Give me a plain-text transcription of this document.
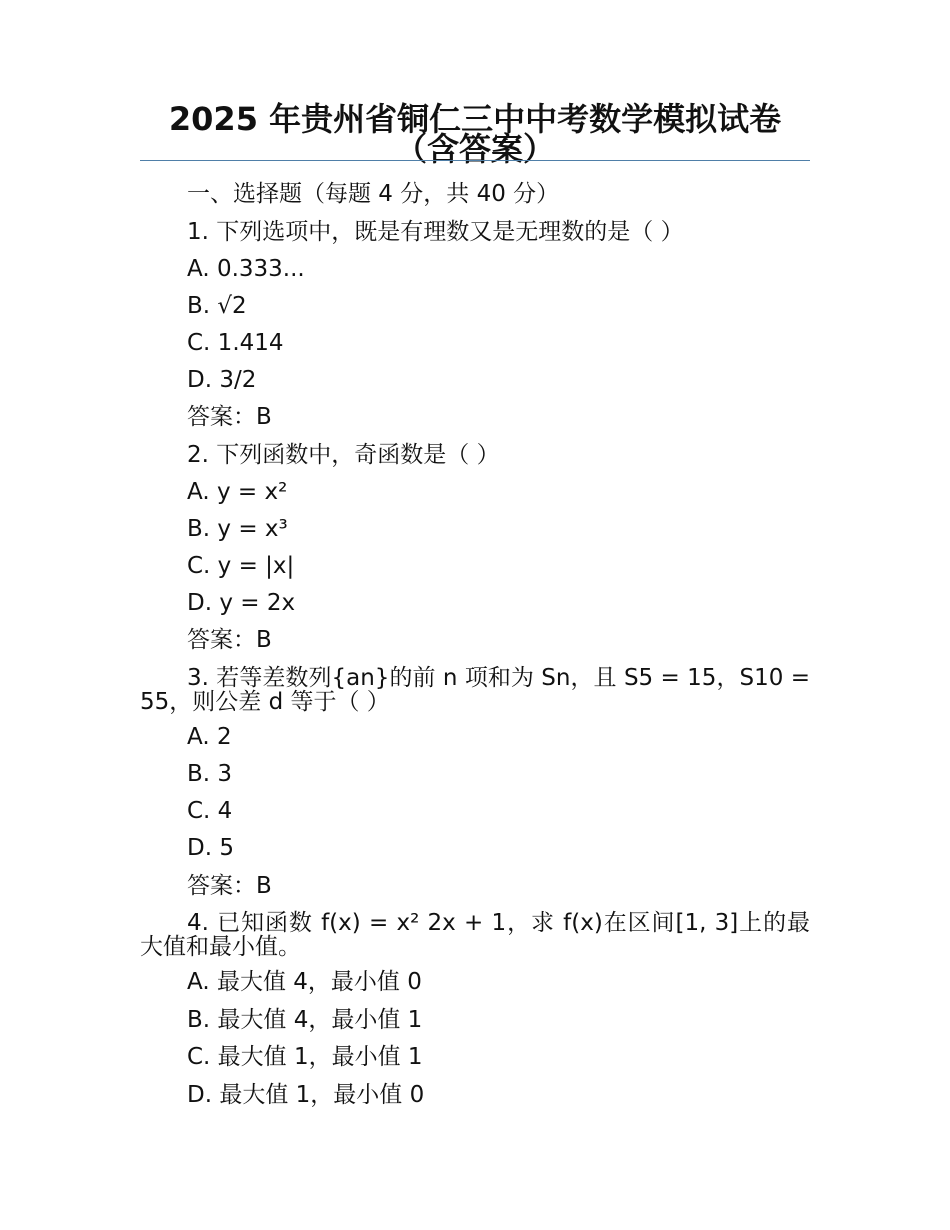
2025 年贵州省铜仁三中中考数学模拟试卷（含答案）
一、选择题（每题 4 分，共 40 分）
1. 下列选项中，既是有理数又是无理数的是（ ）
A. 0.333...
B. √2
C. 1.414
D. 3/2
答案：B
2. 下列函数中，奇函数是（ ）
A. y = x²
B. y = x³
C. y = |x|
D. y = 2x
答案：B
3. 若等差数列{an}的前 n 项和为 Sn，且 S5 = 15，S10 = 55，则公差 d 等于（ ）
A. 2
B. 3
C. 4
D. 5
答案：B
4. 已知函数 f(x) = x² 2x + 1，求 f(x)在区间[1, 3]上的最大值和最小值。
A. 最大值 4，最小值 0
B. 最大值 4，最小值 1
C. 最大值 1，最小值 1
D. 最大值 1，最小值 0
